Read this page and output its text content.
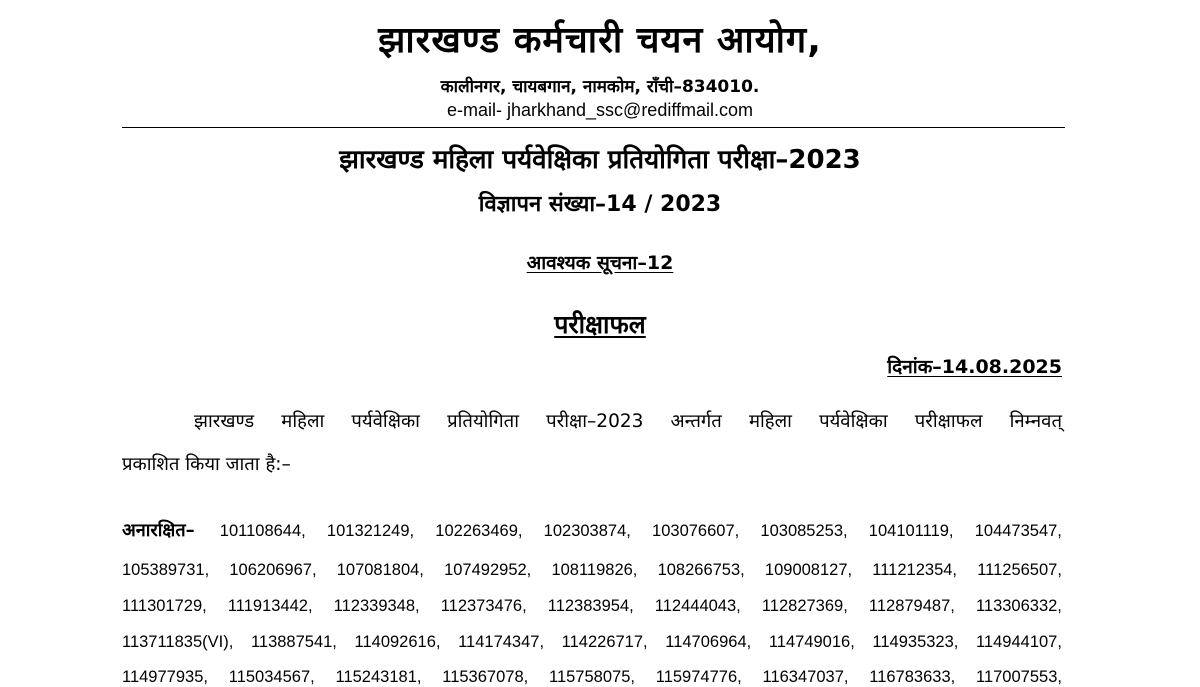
झारखण्ड कर्मचारी चयन आयोग,
कालीनगर, चायबगान, नामकोम, राँची–834010.
e-mail- jharkhand_ssc@rediffmail.com
झारखण्ड महिला पर्यवेक्षिका प्रतियोगिता परीक्षा–2023
विज्ञापन संख्या–14 / 2023
आवश्यक सूचना–12
परीक्षाफल
दिनांक–14.08.2025
झारखण्ड महिला पर्यवेक्षिका प्रतियोगिता परीक्षा–2023 अन्तर्गत महिला पर्यवेक्षिका परीक्षाफल निम्नवत्
प्रकाशित किया जाता है:–
अनारक्षित– 101108644, 101321249, 102263469, 102303874, 103076607, 103085253, 104101119, 104473547,
105389731, 106206967, 107081804, 107492952, 108119826, 108266753, 109008127, 111212354, 111256507,
111301729, 111913442, 112339348, 112373476, 112383954, 112444043, 112827369, 112879487, 113306332,
113711835(VI), 113887541, 114092616, 114174347, 114226717, 114706964, 114749016, 114935323, 114944107,
114977935, 115034567, 115243181, 115367078, 115758075, 115974776, 116347037, 116783633, 117007553,
